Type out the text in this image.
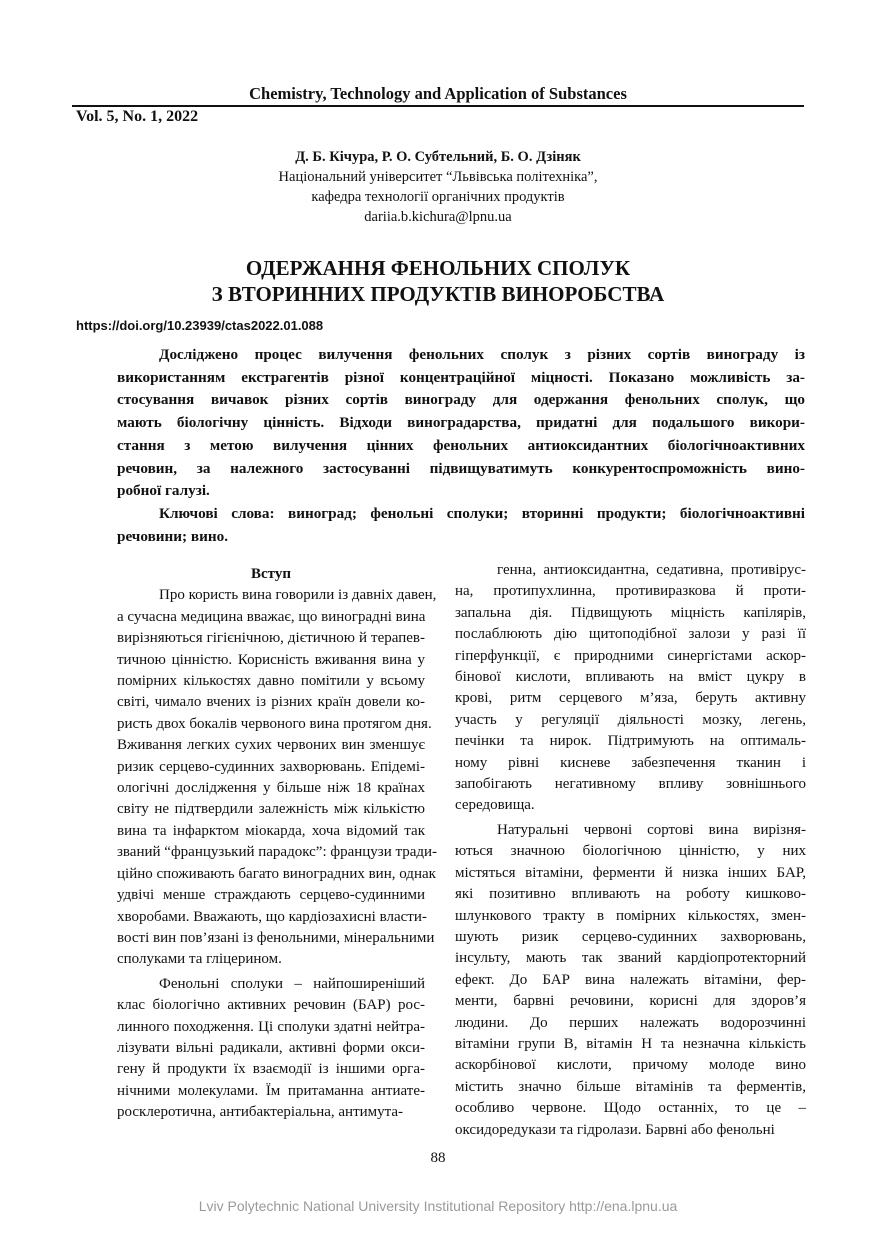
Chemistry, Technology and Application of Substances
Vol. 5, No. 1, 2022
Д. Б. Кічура, Р. О. Субтельний, Б. О. Дзіняк
Національний університет “Львівська політехніка”,
кафедра технології органічних продуктів
dariia.b.kichura@lpnu.ua
ОДЕРЖАННЯ ФЕНОЛЬНИХ СПОЛУК
З ВТОРИННИХ ПРОДУКТІВ ВИНОРОБСТВА
https://doi.org/10.23939/ctas2022.01.088
Досліджено процес вилучення фенольних сполук з різних сортів винограду із
використанням екстрагентів різної концентраційної міцності. Показано можливість за-
стосування вичавок різних сортів винограду для одержання фенольних сполук, що
мають біологічну цінність. Відходи виноградарства, придатні для подальшого викори-
стання з метою вилучення цінних фенольних антиоксидантних біологічноактивних
речовин, за належного застосуванні підвищуватимуть конкурентоспроможність вино-
робної галузі.
Ключові слова: виноград; фенольні сполуки; вторинні продукти; біологічноактивні
речовини; вино.
Вступ
Про користь вина говорили із давніх давен,
а сучасна медицина вважає, що виноградні вина
вирізняються гігієнічною, дієтичною й терапев-
тичною цінністю. Корисність вживання вина у
помірних кількостях давно помітили у всьому
світі, чимало вчених із різних країн довели ко-
ристь двох бокалів червоного вина протягом дня.
Вживання легких сухих червоних вин зменшує
ризик серцево-судинних захворювань. Епідемі-
ологічні дослідження у більше ніж 18 країнах
світу не підтвердили залежність між кількістю
вина та інфарктом міокарда, хоча відомий так
званий “французький парадокс”: французи тради-
ційно споживають багато виноградних вин, однак
удвічі менше страждають серцево-судинними
хворобами. Вважають, що кардіозахисні власти-
вості вин пов’язані із фенольними, мінеральними
сполуками та гліцерином.
Фенольні сполуки – найпоширеніший
клас біологічно активних речовин (БАР) рос-
линного походження. Ці сполуки здатні нейтра-
лізувати вільні радикали, активні форми окси-
гену й продукти їх взаємодії із іншими орга-
нічними молекулами. Їм притаманна антиате-
росклеротична, антибактеріальна, антимута-
генна, антиоксидантна, седативна, противірус-
на, протипухлинна, противиразкова й проти-
запальна дія. Підвищують міцність капілярів,
послаблюють дію щитоподібної залози у разі її
гіперфункції, є природними синергістами аскор-
бінової кислоти, впливають на вміст цукру в
крові, ритм серцевого м’яза, беруть активну
участь у регуляції діяльності мозку, легень,
печінки та нирок. Підтримують на оптималь-
ному рівні кисневе забезпечення тканин і
запобігають негативному впливу зовнішнього
середовища.
Натуральні червоні сортові вина вирізня-
ються значною біологічною цінністю, у них
містяться вітаміни, ферменти й низка інших БАР,
які позитивно впливають на роботу кишково-
шлункового тракту в помірних кількостях, змен-
шують ризик серцево-судинних захворювань,
інсульту, мають так званий кардіопротекторний
ефект. До БАР вина належать вітаміни, фер-
менти, барвні речовини, корисні для здоров’я
людини. До перших належать водорозчинні
вітаміни групи В, вітамін Н та незначна кількість
аскорбінової кислоти, причому молоде вино
містить значно більше вітамінів та ферментів,
особливо червоне. Щодо останніх, то це –
оксидоредукази та гідролази. Барвні або фенольні
88
Lviv Polytechnic National University Institutional Repository http://ena.lpnu.ua
